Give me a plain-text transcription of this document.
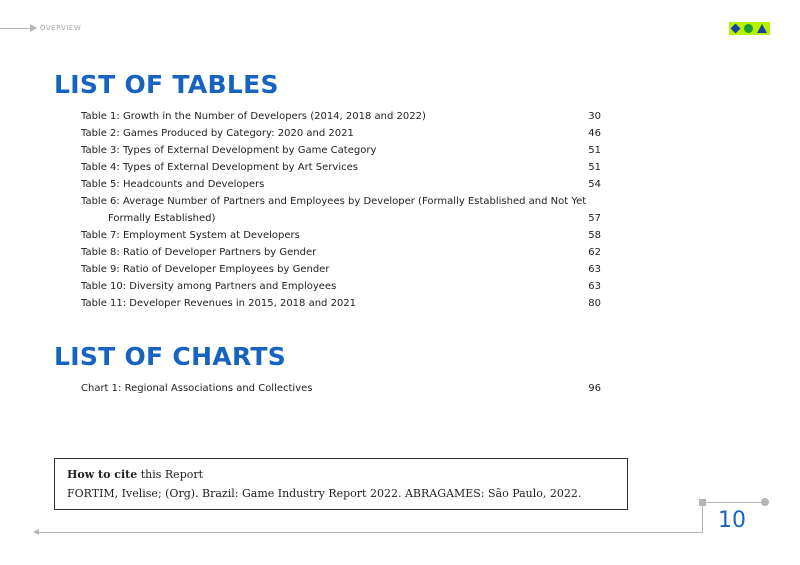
OVERVIEW
LIST OF TABLES
Table 1: Growth in the Number of Developers (2014, 2018 and 2022)	30
Table 2: Games Produced by Category: 2020 and 2021	46
Table 3: Types of External Development by Game Category	51
Table 4: Types of External Development by Art Services	51
Table 5: Headcounts and Developers	54
Table 6: Average Number of Partners and Employees by Developer (Formally Established and Not Yet
Formally Established)	57
Table 7: Employment System at Developers	58
Table 8: Ratio of Developer Partners by Gender	62
Table 9: Ratio of Developer Employees by Gender	63
Table 10: Diversity among Partners and Employees	63
Table 11: Developer Revenues in 2015, 2018 and 2021	80
LIST OF CHARTS
Chart 1: Regional Associations and Collectives	96
How to cite this Report
FORTIM, Ivelise; (Org). Brazil: Game Industry Report 2022. ABRAGAMES: São Paulo, 2022.
10
